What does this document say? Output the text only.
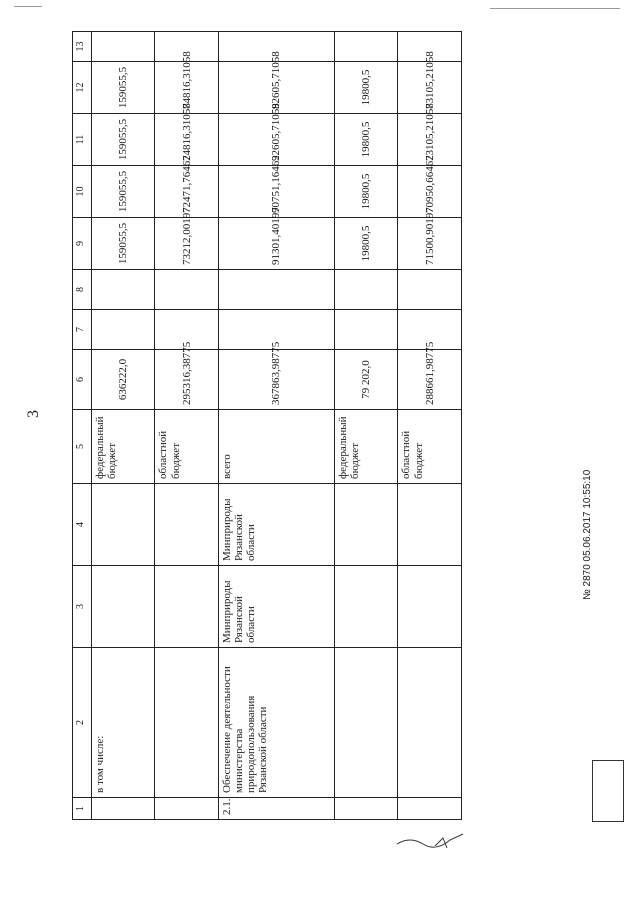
3
1	2	3	4	5	6	7	8	9	10	11	12	13
	в том числе:			федеральный бюджет	636222,0			159055,5	159055,5	159055,5	159055,5	
				областной бюджет	295316,38775			73212,00197	72471,76462	74816,31058	74816,31058	
2.1.	Обеспечение деятельности министерства природопользования Рязанской области	Минприроды Рязанской области	Минприроды Рязанской области	всего	367863,98775			91301,40197	90751,16462	92605,71058	92605,71058	
				федеральный бюджет	79 202,0			19800,5	19800,5	19800,5	19800,5	
				областной бюджет	288661,98775			71500,90197	70950,66462	73105,21058	73105,21058	
№ 2870 05.06.2017 10:55:10
